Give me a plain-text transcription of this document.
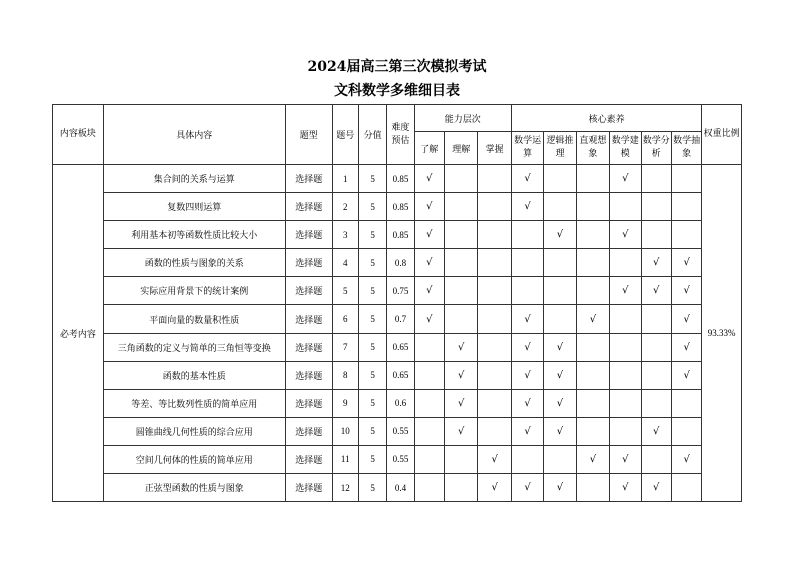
2024届高三第三次模拟考试
文科数学多维细目表
内容板块	具体内容	题型	题号	分值	难度预估	能力层次			核心素养						权重比例
						了解	理解	掌握	数学运算	逻辑推理	直观想象	数学建模	数学分析	数学抽象	
必考内容	集合间的关系与运算	选择题	1	5	0.85	√			√			√			93.33%
	复数四则运算	选择题	2	5	0.85	√			√						
	利用基本初等函数性质比较大小	选择题	3	5	0.85	√				√		√			
	函数的性质与图象的关系	选择题	4	5	0.8	√							√	√	
	实际应用背景下的统计案例	选择题	5	5	0.75	√						√	√	√	
	平面向量的数量积性质	选择题	6	5	0.7	√			√		√			√	
	三角函数的定义与简单的三角恒等变换	选择题	7	5	0.65		√		√	√				√	
	函数的基本性质	选择题	8	5	0.65		√		√	√				√	
	等差、等比数列性质的简单应用	选择题	9	5	0.6		√		√	√					
	圆锥曲线几何性质的综合应用	选择题	10	5	0.55		√		√	√			√		
	空间几何体的性质的简单应用	选择题	11	5	0.55			√			√	√		√	
	正弦型函数的性质与图象	选择题	12	5	0.4			√	√	√		√	√		
